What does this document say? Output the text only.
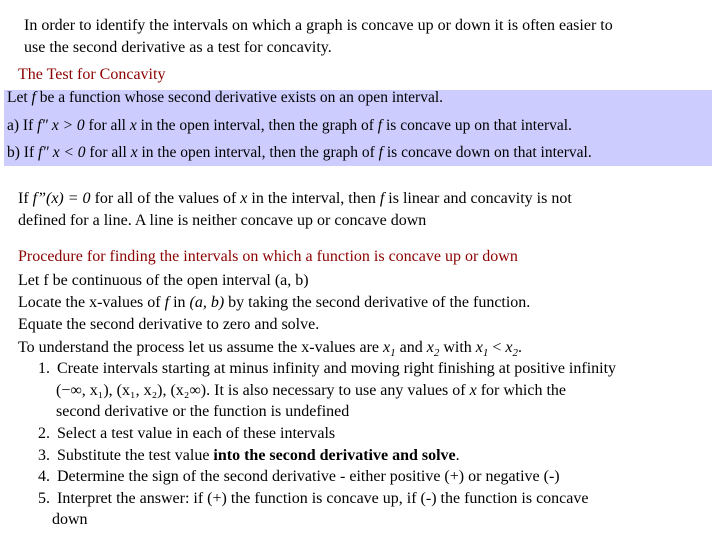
In order to identify the intervals on which a graph is concave up or down it is often easier to
use the second derivative as a test for concavity.
The Test for Concavity
Let f be a function whose second derivative exists on an open interval.
a) If f" x > 0 for all x in the open interval, then the graph of f is concave up on that interval.
b) If f" x < 0 for all x in the open interval, then the graph of f is concave down on that interval.
If f”(x) = 0 for all of the values of x in the interval, then f is linear and concavity is not
defined for a line. A line is neither concave up or concave down
Procedure for finding the intervals on which a function is concave up or down
Let f be continuous of the open interval (a, b)
Locate the x-values of f in (a, b) by taking the second derivative of the function.
Equate the second derivative to zero and solve.
To understand the process let us assume the x-values are $x_1$ and $x_2$ with $x_1 < x_2$.
1. Create intervals starting at minus infinity and moving right finishing at positive infinity
(−∞, x₁), (x₁, x₂), (x₂∞). It is also necessary to use any values of x for which the
second derivative or the function is undefined
2. Select a test value in each of these intervals
3. Substitute the test value into the second derivative and solve.
4. Determine the sign of the second derivative - either positive (+) or negative (-)
5. Interpret the answer: if (+) the function is concave up, if (-) the function is concave
down
